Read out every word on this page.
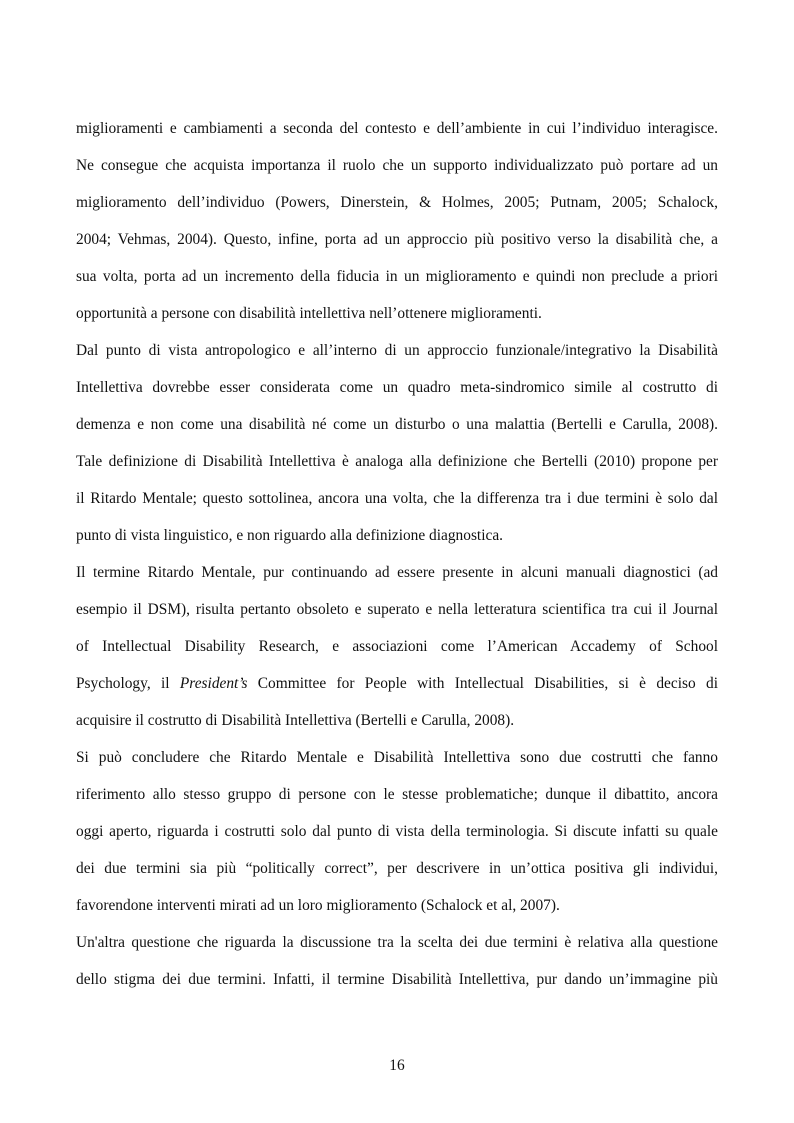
miglioramenti e cambiamenti a seconda del contesto e dell’ambiente in cui l’individuo interagisce.
Ne consegue che acquista importanza il ruolo che un supporto individualizzato può portare ad un
miglioramento dell’individuo (Powers, Dinerstein, & Holmes, 2005; Putnam, 2005; Schalock,
2004; Vehmas, 2004). Questo, infine, porta ad un approccio più positivo verso la disabilità che, a
sua volta, porta ad un incremento della fiducia in un miglioramento e quindi non preclude a priori
opportunità a persone con disabilità intellettiva nell’ottenere miglioramenti.
Dal punto di vista antropologico e all’interno di un approccio funzionale/integrativo la Disabilità
Intellettiva dovrebbe esser considerata come un quadro meta-sindromico simile al costrutto di
demenza e non come una disabilità né come un disturbo o una malattia (Bertelli e Carulla, 2008).
Tale definizione di Disabilità Intellettiva è analoga alla definizione che Bertelli (2010) propone per
il Ritardo Mentale; questo sottolinea, ancora una volta, che la differenza tra i due termini è solo dal
punto di vista linguistico, e non riguardo alla definizione diagnostica.
Il termine Ritardo Mentale, pur continuando ad essere presente in alcuni manuali diagnostici (ad
esempio il DSM), risulta pertanto obsoleto e superato e nella letteratura scientifica tra cui il Journal
of Intellectual Disability Research, e associazioni come l’American Accademy of School
Psychology, il President’s Committee for People with Intellectual Disabilities, si è deciso di
acquisire il costrutto di Disabilità Intellettiva (Bertelli e Carulla, 2008).
Si può concludere che Ritardo Mentale e Disabilità Intellettiva sono due costrutti che fanno
riferimento allo stesso gruppo di persone con le stesse problematiche; dunque il dibattito, ancora
oggi aperto, riguarda i costrutti solo dal punto di vista della terminologia. Si discute infatti su quale
dei due termini sia più “politically correct”, per descrivere in un’ottica positiva gli individui,
favorendone interventi mirati ad un loro miglioramento (Schalock et al, 2007).
Un'altra questione che riguarda la discussione tra la scelta dei due termini è relativa alla questione
dello stigma dei due termini. Infatti, il termine Disabilità Intellettiva, pur dando un’immagine più
16
